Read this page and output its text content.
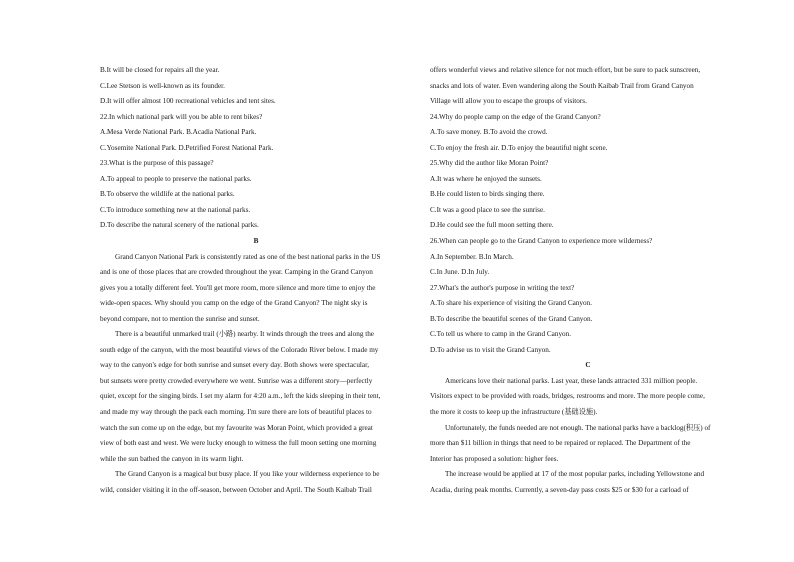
B.It will be closed for repairs all the year.
C.Lee Stetson is well-known as its founder.
D.It will offer almost 100 recreational vehicles and tent sites.
22.In which national park will you be able to rent bikes?
A.Mesa Verde National Park. B.Acadia National Park.
C.Yosemite National Park. D.Petrified Forest National Park.
23.What is the purpose of this passage?
A.To appeal to people to preserve the national parks.
B.To observe the wildlife at the national parks.
C.To introduce something new at the national parks.
D.To describe the natural scenery of the national parks.
B
Grand Canyon National Park is consistently rated as one of the best national parks in the US
and is one of those places that are crowded throughout the year. Camping in the Grand Canyon
gives you a totally different feel. You'll get more room, more silence and more time to enjoy the
wide-open spaces. Why should you camp on the edge of the Grand Canyon? The night sky is
beyond compare, not to mention the sunrise and sunset.
There is a beautiful unmarked trail (小路) nearby. It winds through the trees and along the
south edge of the canyon, with the most beautiful views of the Colorado River below. I made my
way to the canyon's edge for both sunrise and sunset every day. Both shows were spectacular,
but sunsets were pretty crowded everywhere we went. Sunrise was a different story—perfectly
quiet, except for the singing birds. I set my alarm for 4:20 a.m., left the kids sleeping in their tent,
and made my way through the pack each morning. I'm sure there are lots of beautiful places to
watch the sun come up on the edge, but my favourite was Moran Point, which provided a great
view of both east and west. We were lucky enough to witness the full moon setting one morning
while the sun bathed the canyon in its warm light.
The Grand Canyon is a magical but busy place. If you like your wilderness experience to be
wild, consider visiting it in the off-season, between October and April. The South Kaibab Trail
offers wonderful views and relative silence for not much effort, but be sure to pack sunscreen,
snacks and lots of water. Even wandering along the South Kaibab Trail from Grand Canyon
Village will allow you to escape the groups of visitors.
24.Why do people camp on the edge of the Grand Canyon?
A.To save money. B.To avoid the crowd.
C.To enjoy the fresh air. D.To enjoy the beautiful night scene.
25.Why did the author like Moran Point?
A.It was where he enjoyed the sunsets.
B.He could listen to birds singing there.
C.It was a good place to see the sunrise.
D.He could see the full moon setting there.
26.When can people go to the Grand Canyon to experience more wilderness?
A.In September. B.In March.
C.In June. D.In July.
27.What's the author's purpose in writing the text?
A.To share his experience of visiting the Grand Canyon.
B.To describe the beautiful scenes of the Grand Canyon.
C.To tell us where to camp in the Grand Canyon.
D.To advise us to visit the Grand Canyon.
C
Americans love their national parks. Last year, these lands attracted 331 million people.
Visitors expect to be provided with roads, bridges, restrooms and more. The more people come,
the more it costs to keep up the infrastructure (基础设施).
Unfortunately, the funds needed are not enough. The national parks have a backlog(积压) of
more than $11 billion in things that need to be repaired or replaced. The Department of the
Interior has proposed a solution: higher fees.
The increase would be applied at 17 of the most popular parks, including Yellowstone and
Acadia, during peak months. Currently, a seven-day pass costs $25 or $30 for a carload of
